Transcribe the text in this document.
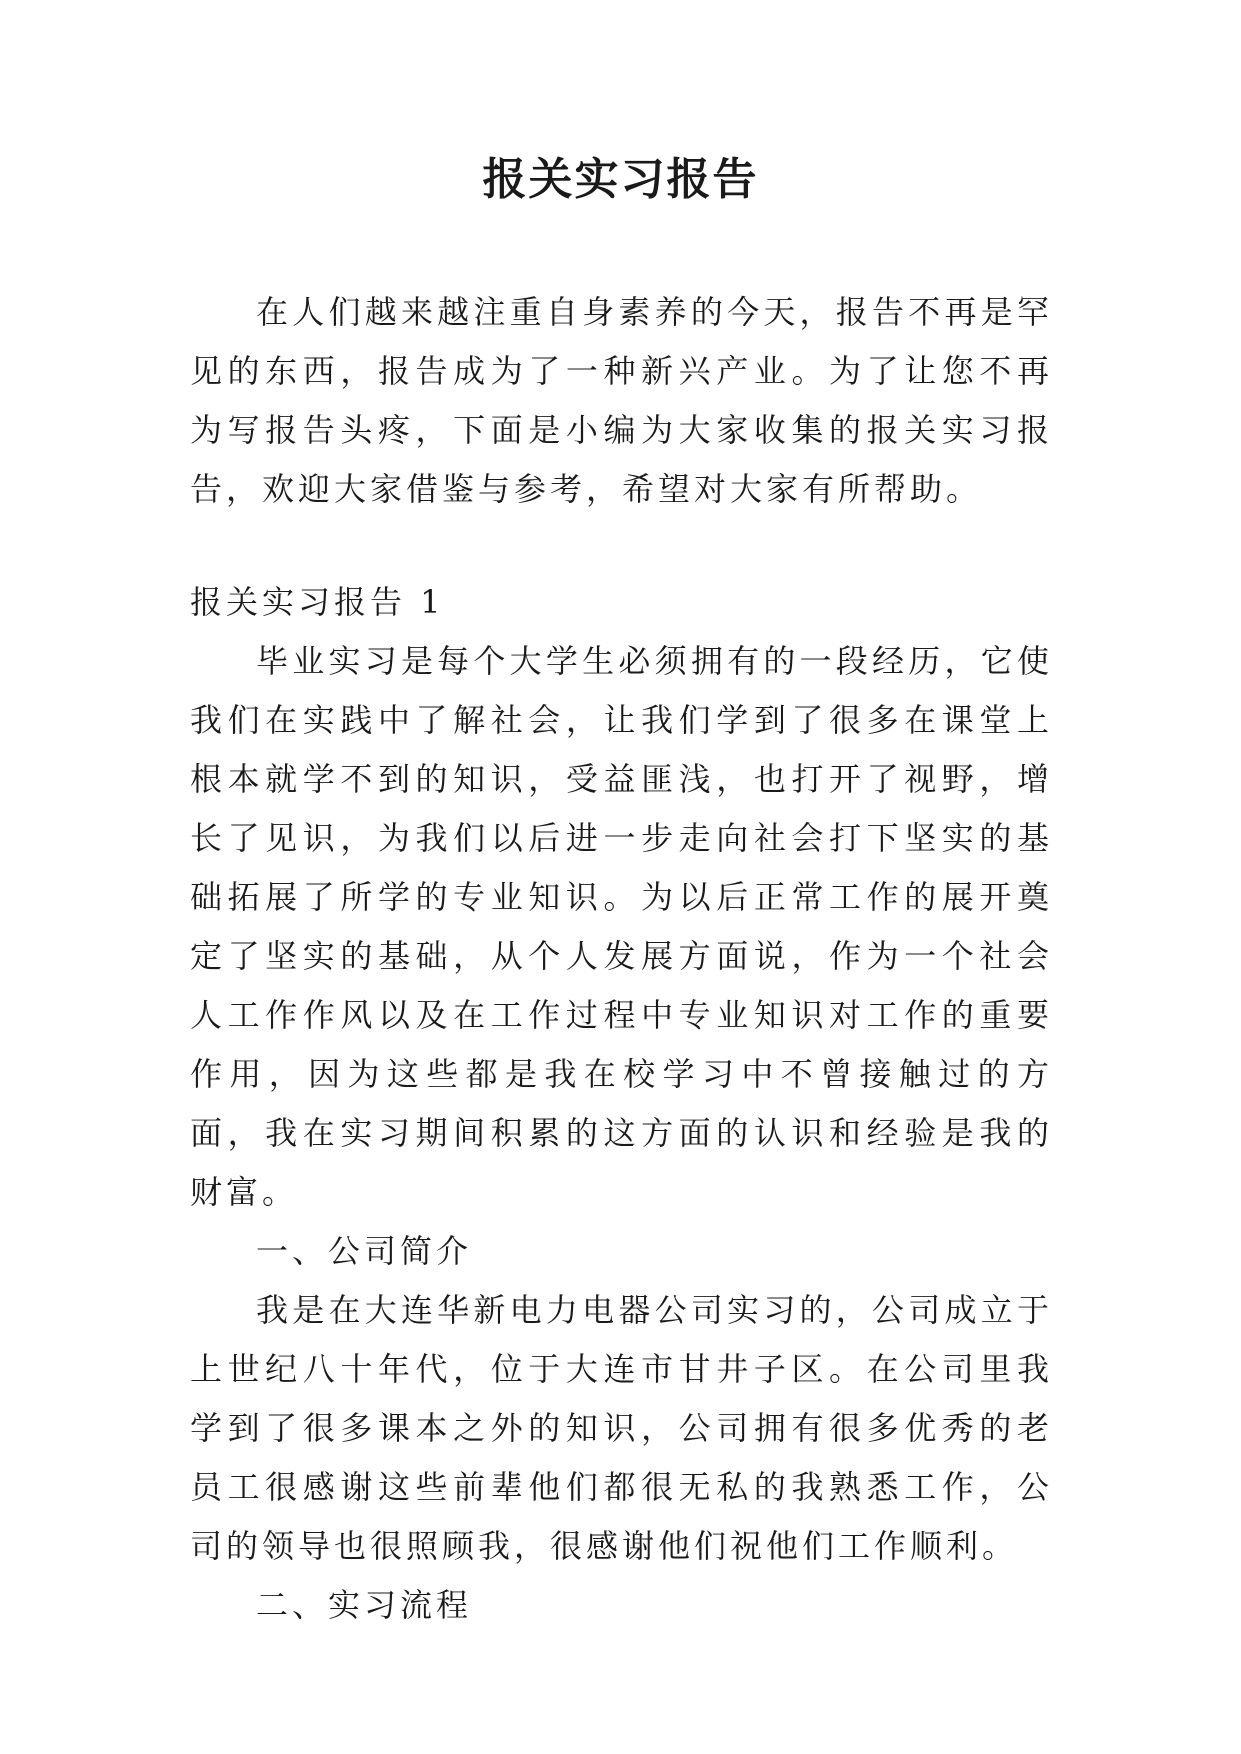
报关实习报告

在人们越来越注重自身素养的今天，报告不再是罕见的东西，报告成为了一种新兴产业。为了让您不再为写报告头疼，下面是小编为大家收集的报关实习报告，欢迎大家借鉴与参考，希望对大家有所帮助。

报关实习报告 1

毕业实习是每个大学生必须拥有的一段经历，它使我们在实践中了解社会，让我们学到了很多在课堂上根本就学不到的知识，受益匪浅，也打开了视野，增长了见识，为我们以后进一步走向社会打下坚实的基础拓展了所学的专业知识。为以后正常工作的展开奠定了坚实的基础，从个人发展方面说，作为一个社会人工作作风以及在工作过程中专业知识对工作的重要作用，因为这些都是我在校学习中不曾接触过的方面，我在实习期间积累的这方面的认识和经验是我的财富。

一、公司简介

我是在大连华新电力电器公司实习的，公司成立于上世纪八十年代，位于大连市甘井子区。在公司里我学到了很多课本之外的知识，公司拥有很多优秀的老员工很感谢这些前辈他们都很无私的我熟悉工作，公司的领导也很照顾我，很感谢他们祝他们工作顺利。

二、实习流程
